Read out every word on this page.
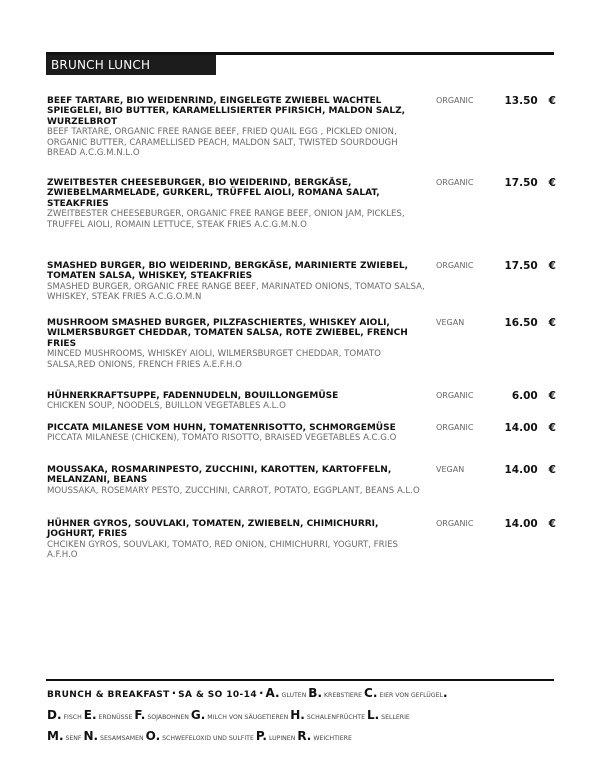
BRUNCH LUNCH
BEEF TARTARE, BIO WEIDENRIND, EINGELEGTE ZWIEBEL WACHTEL SPIEGELEI, BIO BUTTER, KARAMELLISIERTER PFIRSICH, MALDON SALZ, WURZELBROT
BEEF TARTARE, ORGANIC FREE RANGE BEEF, FRIED QUAIL EGG , PICKLED ONION, ORGANIC BUTTER, CARAMELLISED PEACH, MALDON SALT, TWISTED SOURDOUGH BREAD A.C.G.M.N.L.O
ORGANIC	13.50   €
ZWEITBESTER CHEESEBURGER, BIO WEIDERIND, BERGKÄSE, ZWIEBELMARMELADE, GURKERL, TRÜFFEL AIOLI, ROMANA SALAT, STEAKFRIES
ZWEITBESTER CHEESEBURGER, ORGANIC FREE RANGE BEEF, ONION JAM, PICKLES, TRUFFEL AIOLI, ROMAIN LETTUCE, STEAK FRIES A.C.G.M.N.O
ORGANIC	17.50   €
SMASHED BURGER, BIO WEIDERIND, BERGKÄSE, MARINIERTE ZWIEBEL, TOMATEN SALSA, WHISKEY, STEAKFRIES
SMASHED BURGER, ORGANIC FREE RANGE BEEF, MARINATED ONIONS, TOMATO SALSA, WHISKEY, STEAK FRIES A.C.G.O.M.N
ORGANIC	17.50   €
MUSHROOM SMASHED BURGER, PILZFASCHIERTES, WHISKEY AIOLI, WILMERSBURGET CHEDDAR, TOMATEN SALSA, ROTE ZWIEBEL, FRENCH FRIES
MINCED MUSHROOMS, WHISKEY AIOLI, WILMERSBURGET CHEDDAR, TOMATO SALSA,RED ONIONS, FRENCH FRIES A.E.F.H.O
VEGAN	16.50   €
HÜHNERKRAFTSUPPE, FADENNUDELN, BOUILLONGEMÜSE
CHICKEN SOUP, NOODELS, BUILLON VEGETABLES A.L.O
ORGANIC	6.00   €
PICCATA MILANESE VOM HUHN, TOMATENRISOTTO, SCHMORGEMÜSE
PICCATA MILANESE (CHICKEN), TOMATO RISOTTO, BRAISED VEGETABLES A.C.G.O
ORGANIC	14.00   €
MOUSSAKA, ROSMARINPESTO, ZUCCHINI, KAROTTEN, KARTOFFELN, MELANZANI, BEANS
MOUSSAKA, ROSEMARY PESTO, ZUCCHINI, CARROT, POTATO, EGGPLANT, BEANS A.L.O
VEGAN	14.00   €
HÜHNER GYROS, SOUVLAKI, TOMATEN, ZWIEBELN, CHIMICHURRI, JOGHURT, FRIES
CHCIKEN GYROS, SOUVLAKI, TOMATO, RED ONION, CHIMICHURRI, YOGURT, FRIES A.F.H.O
ORGANIC	14.00   €
BRUNCH & BREAKFAST · SA & SO 10-14 · A. GLUTEN B. KREBSTIERE C. EIER VON GEFLÜGEL.
D. FISCH E. ERDNÜSSE F. SOJABOHNEN G. MILCH VON SÄUGETIEREN H. SCHALENFRÜCHTE L. SELLERIE
M. SENF N. SESAMSAMEN O. SCHWEFELOXID UND SULFITE P. LUPINEN R. WEICHTIERE
